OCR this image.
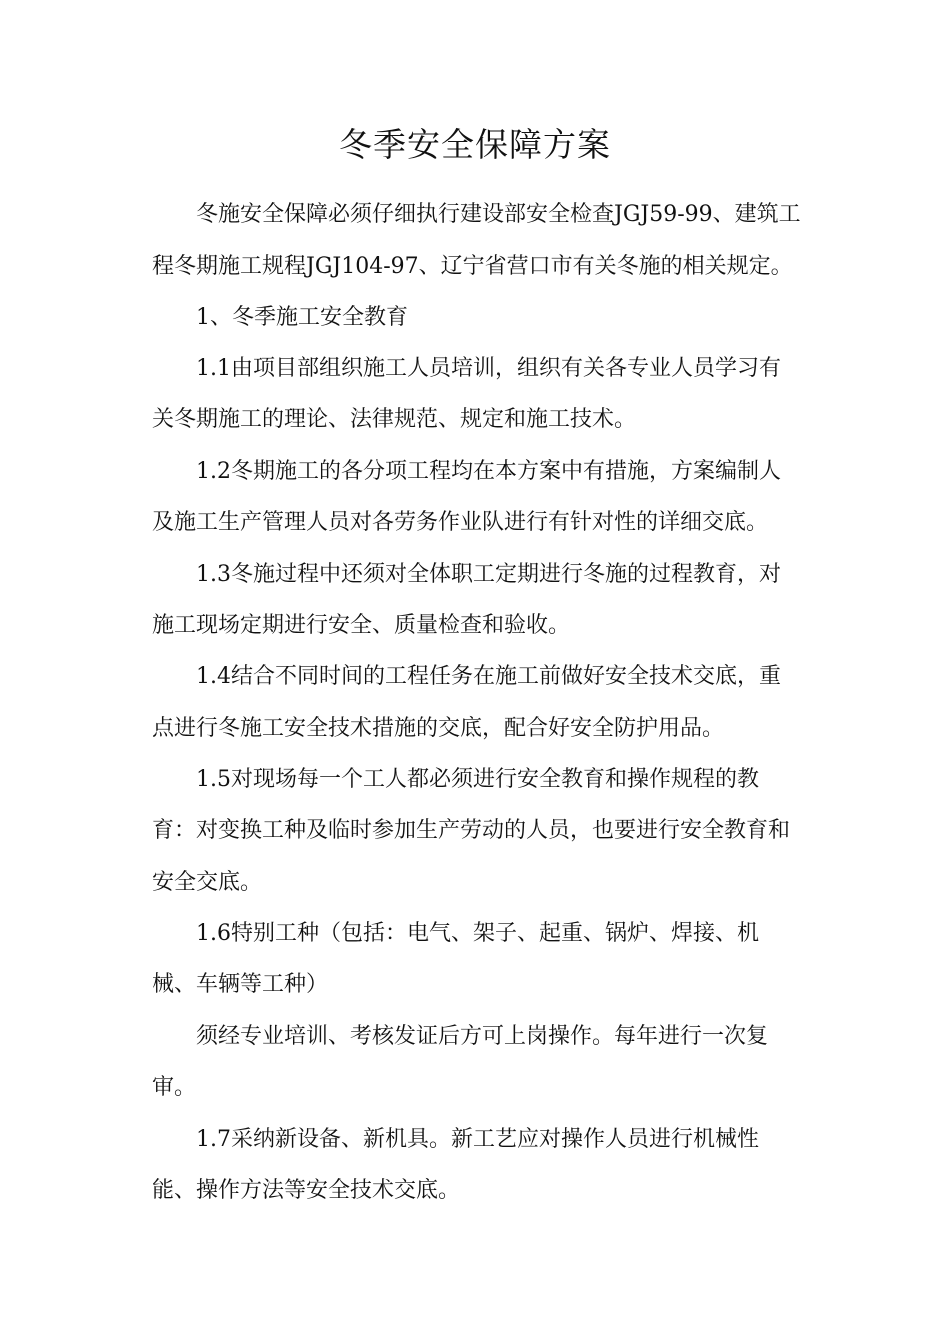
冬季安全保障方案

冬施安全保障必须仔细执行建设部安全检查JGJ59-99、建筑工

程冬期施工规程JGJ104-97、辽宁省营口市有关冬施的相关规定。

1、冬季施工安全教育

1.1由项目部组织施工人员培训，组织有关各专业人员学习有

关冬期施工的理论、法律规范、规定和施工技术。

1.2冬期施工的各分项工程均在本方案中有措施，方案编制人

及施工生产管理人员对各劳务作业队进行有针对性的详细交底。

1.3冬施过程中还须对全体职工定期进行冬施的过程教育，对

施工现场定期进行安全、质量检查和验收。

1.4结合不同时间的工程任务在施工前做好安全技术交底，重

点进行冬施工安全技术措施的交底，配合好安全防护用品。

1.5对现场每一个工人都必须进行安全教育和操作规程的教

育：对变换工种及临时参加生产劳动的人员，也要进行安全教育和

安全交底。

1.6特别工种（包括：电气、架子、起重、锅炉、焊接、机

械、车辆等工种）

须经专业培训、考核发证后方可上岗操作。每年进行一次复

审。

1.7采纳新设备、新机具。新工艺应对操作人员进行机械性

能、操作方法等安全技术交底。
